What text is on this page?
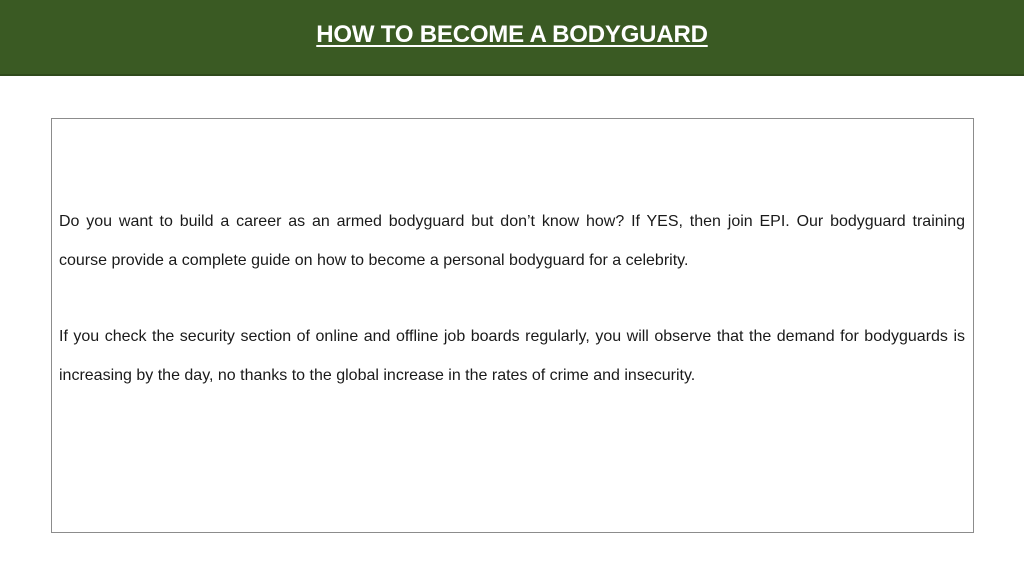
HOW TO BECOME A BODYGUARD

Do you want to build a career as an armed bodyguard but don’t know how? If YES, then join EPI. Our bodyguard training course provide a complete guide on how to become a personal bodyguard for a celebrity.

If you check the security section of online and offline job boards regularly, you will observe that the demand for bodyguards is increasing by the day, no thanks to the global increase in the rates of crime and insecurity.
